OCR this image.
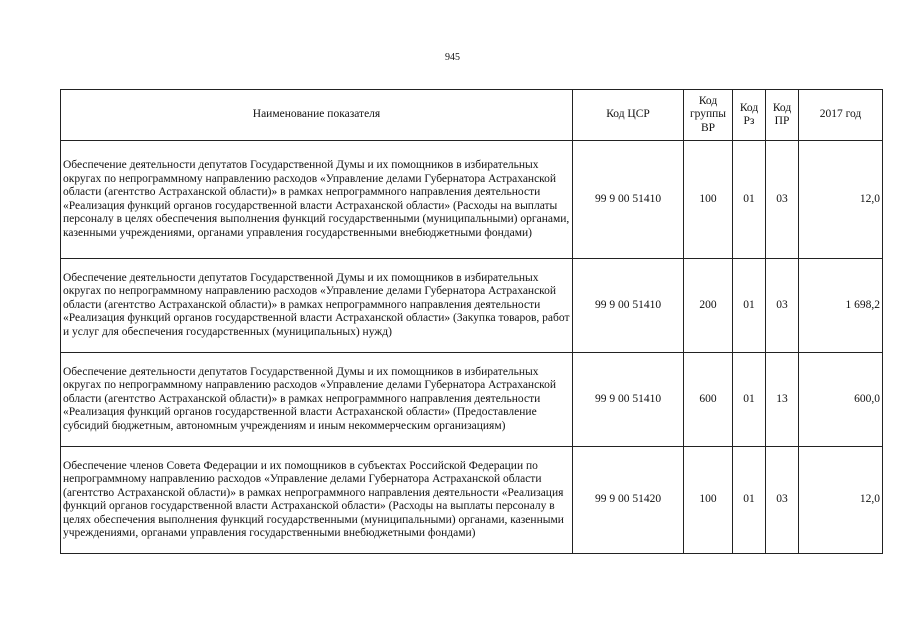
945
Наименование показателя	Код ЦСР	Код группы ВР	Код Рз	Код ПР	2017 год
Обеспечение деятельности депутатов Государственной Думы и их помощников в избирательных округах по непрограммному направлению расходов «Управление делами Губернатора Астраханской области (агентство Астраханской области)» в рамках непрограммного направления деятельности «Реализация функций органов государственной власти Астраханской области» (Расходы на выплаты персоналу в целях обеспечения выполнения функций государственными (муниципальными) органами, казенными учреждениями, органами управления государственными внебюджетными фондами)	99 9 00 51410	100	01	03	12,0
Обеспечение деятельности депутатов Государственной Думы и их помощников в избирательных округах по непрограммному направлению расходов «Управление делами Губернатора Астраханской области (агентство Астраханской области)» в рамках непрограммного направления деятельности «Реализация функций органов государственной власти Астраханской области» (Закупка товаров, работ и услуг для обеспечения государственных (муниципальных) нужд)	99 9 00 51410	200	01	03	1 698,2
Обеспечение деятельности депутатов Государственной Думы и их помощников в избирательных округах по непрограммному направлению расходов «Управление делами Губернатора Астраханской области (агентство Астраханской области)» в рамках непрограммного направления деятельности «Реализация функций органов государственной власти Астраханской области» (Предоставление субсидий бюджетным, автономным учреждениям и иным некоммерческим организациям)	99 9 00 51410	600	01	13	600,0
Обеспечение членов Совета Федерации и их помощников в субъектах Российской Федерации по непрограммному направлению расходов «Управление делами Губернатора Астраханской области (агентство Астраханской области)» в рамках непрограммного направления деятельности «Реализация функций органов государственной власти Астраханской области» (Расходы на выплаты персоналу в целях обеспечения выполнения функций государственными (муниципальными) органами, казенными учреждениями, органами управления государственными внебюджетными фондами)	99 9 00 51420	100	01	03	12,0
